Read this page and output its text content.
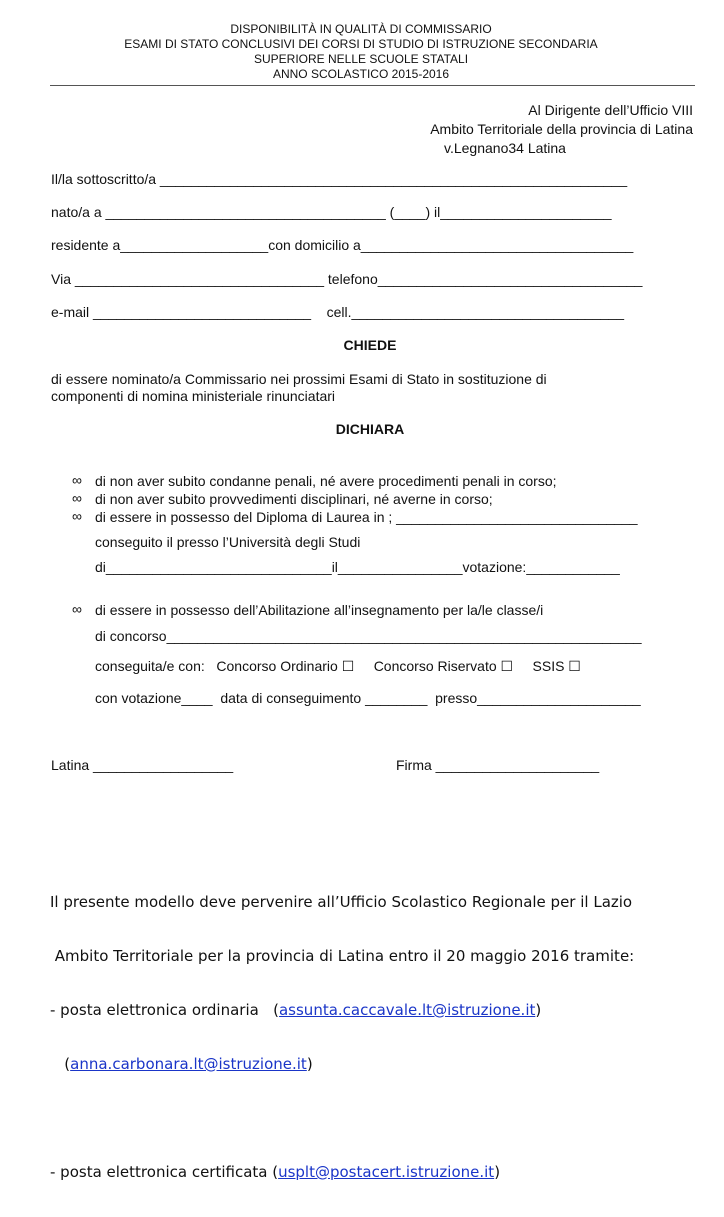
DISPONIBILITÀ IN QUALITÀ DI COMMISSARIO
ESAMI DI STATO CONCLUSIVI DEI CORSI DI STUDIO DI ISTRUZIONE SECONDARIA
SUPERIORE NELLE SCUOLE STATALI
ANNO SCOLASTICO 2015-2016
Al Dirigente dell’Ufficio VIII
Ambito Territoriale della provincia di Latina
v.Legnano34 Latina
Il/la sottoscritto/a ____________________________________________________________
nato/a a ____________________________________ (____) il______________________
residente a___________________con domicilio a___________________________________
Via ________________________________ telefono__________________________________
e-mail ____________________________    cell.___________________________________
CHIEDE
di essere nominato/a Commissario nei prossimi Esami di Stato in sostituzione di
componenti di nomina ministeriale rinunciatari
DICHIARA
∞ di non aver subito condanne penali, né avere procedimenti penali in corso;
∞ di non aver subito provvedimenti disciplinari, né averne in corso;
∞ di essere in possesso del Diploma di Laurea in ; _______________________________
conseguito il presso l’Università degli Studi
di_____________________________il________________votazione:____________
∞ di essere in possesso dell’Abilitazione all’insegnamento per la/le classe/i
di concorso_____________________________________________________________
conseguita/e con:   Concorso Ordinario ☐     Concorso Riservato ☐     SSIS ☐
con votazione____  data di conseguimento ________  presso_____________________
Latina __________________	Firma _____________________

Il presente modello deve pervenire all’Ufficio Scolastico Regionale per il Lazio

Ambito Territoriale per la provincia di Latina entro il 20 maggio 2016 tramite:

- posta elettronica ordinaria   (assunta.caccavale.lt@istruzione.it)

(anna.carbonara.lt@istruzione.it)

- posta elettronica certificata (usplt@postacert.istruzione.it)
